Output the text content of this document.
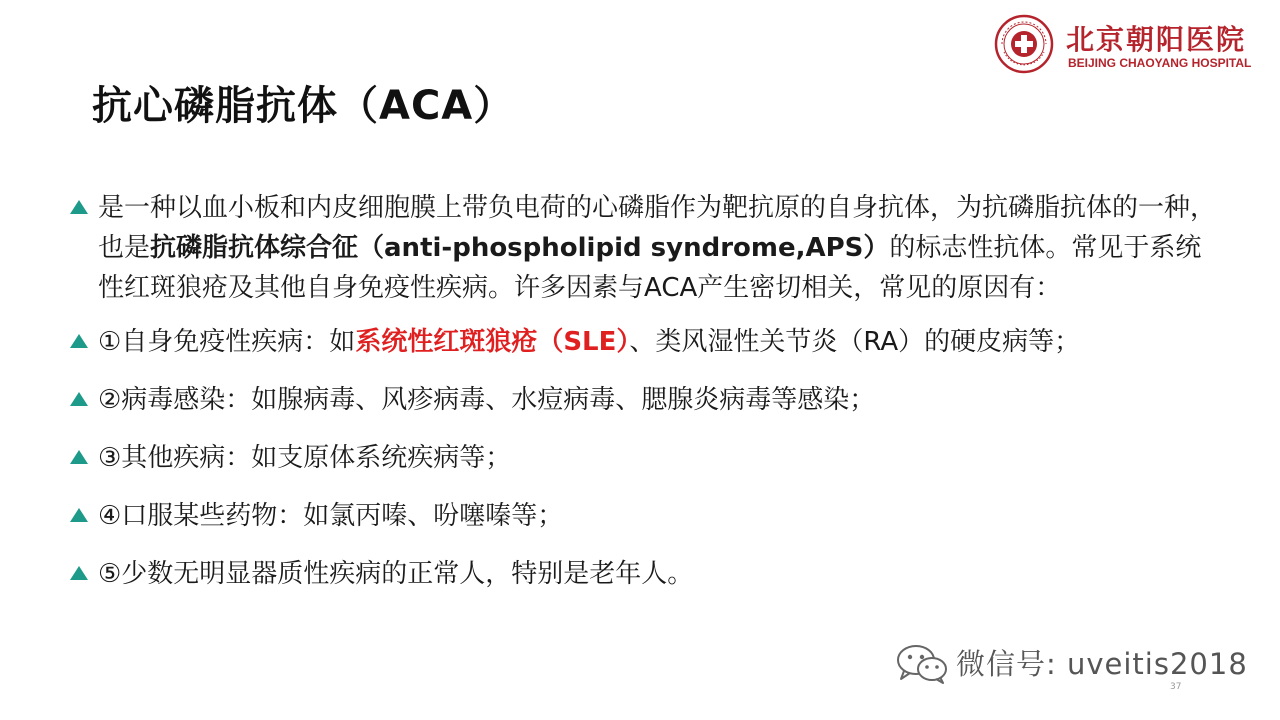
抗心磷脂抗体（ACA）
北京朝阳医院
BEIJING CHAOYANG HOSPITAL
是一种以血小板和内皮细胞膜上带负电荷的心磷脂作为靶抗原的自身抗体，为抗磷脂抗体的一种，也是抗磷脂抗体综合征（anti-phospholipid syndrome,APS）的标志性抗体。常见于系统性红斑狼疮及其他自身免疫性疾病。许多因素与ACA产生密切相关，常见的原因有：
①自身免疫性疾病：如系统性红斑狼疮（SLE）、类风湿性关节炎（RA）的硬皮病等；
②病毒感染：如腺病毒、风疹病毒、水痘病毒、腮腺炎病毒等感染；
③其他疾病：如支原体系统疾病等；
④口服某些药物：如氯丙嗪、吩噻嗪等；
⑤少数无明显器质性疾病的正常人，特别是老年人。
微信号: uveitis2018
37
